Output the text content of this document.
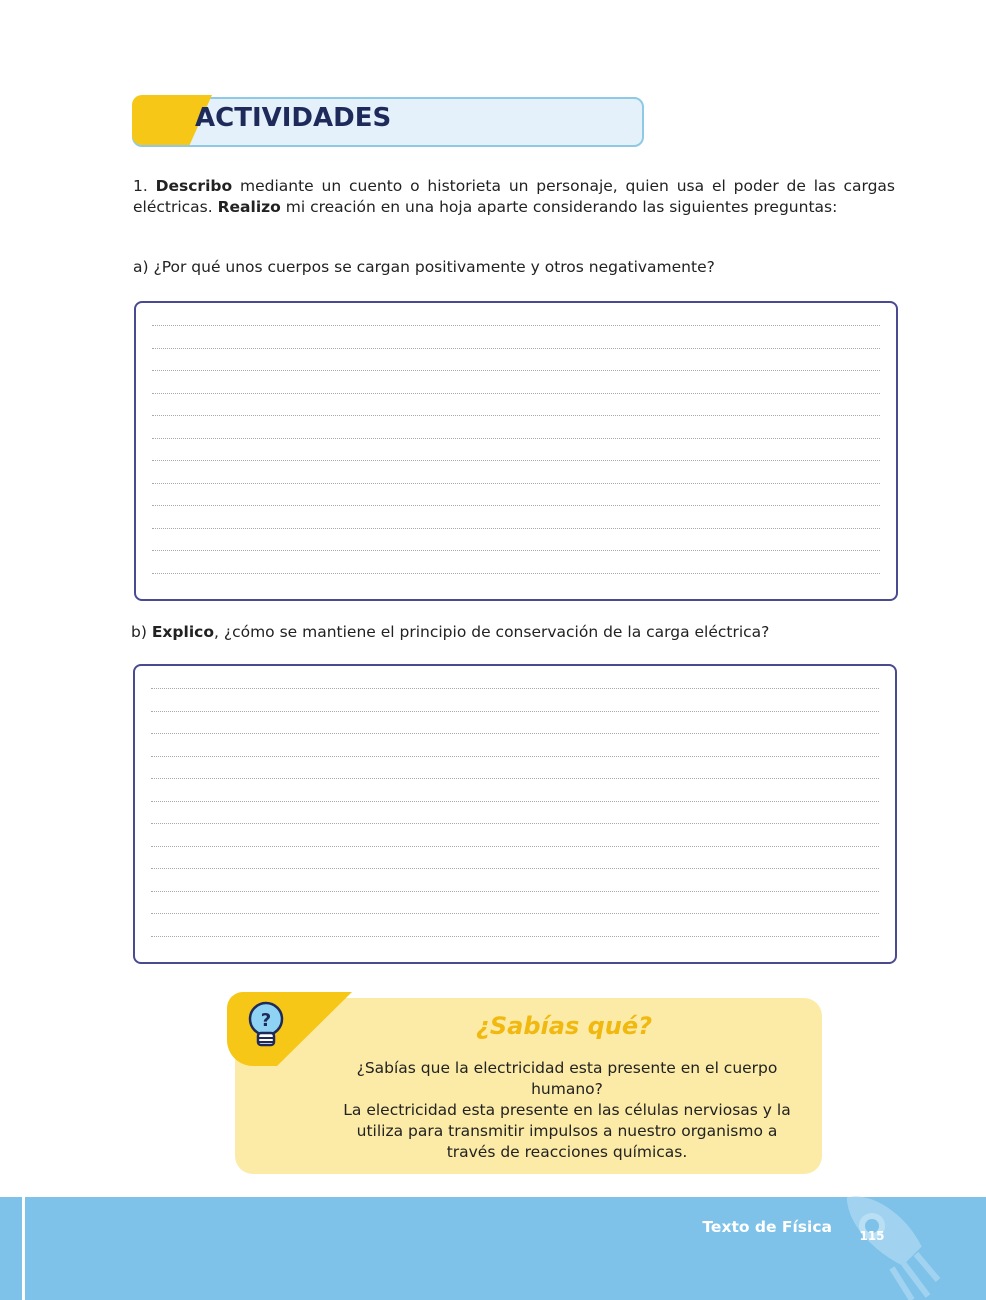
ACTIVIDADES
1. Describo mediante un cuento o historieta un personaje, quien usa el poder de las cargas eléctricas. Realizo mi creación en una hoja aparte considerando las siguientes preguntas:
a) ¿Por qué unos cuerpos se cargan positivamente y otros negativamente?
b) Explico, ¿cómo se mantiene el principio de conservación de la carga eléctrica?
?	¿Sabías qué?
¿Sabías que la electricidad esta presente en el cuerpo humano?
La electricidad esta presente en las células nerviosas y la utiliza para transmitir impulsos a nuestro organismo a través de reacciones químicas.
Texto de Física 115
